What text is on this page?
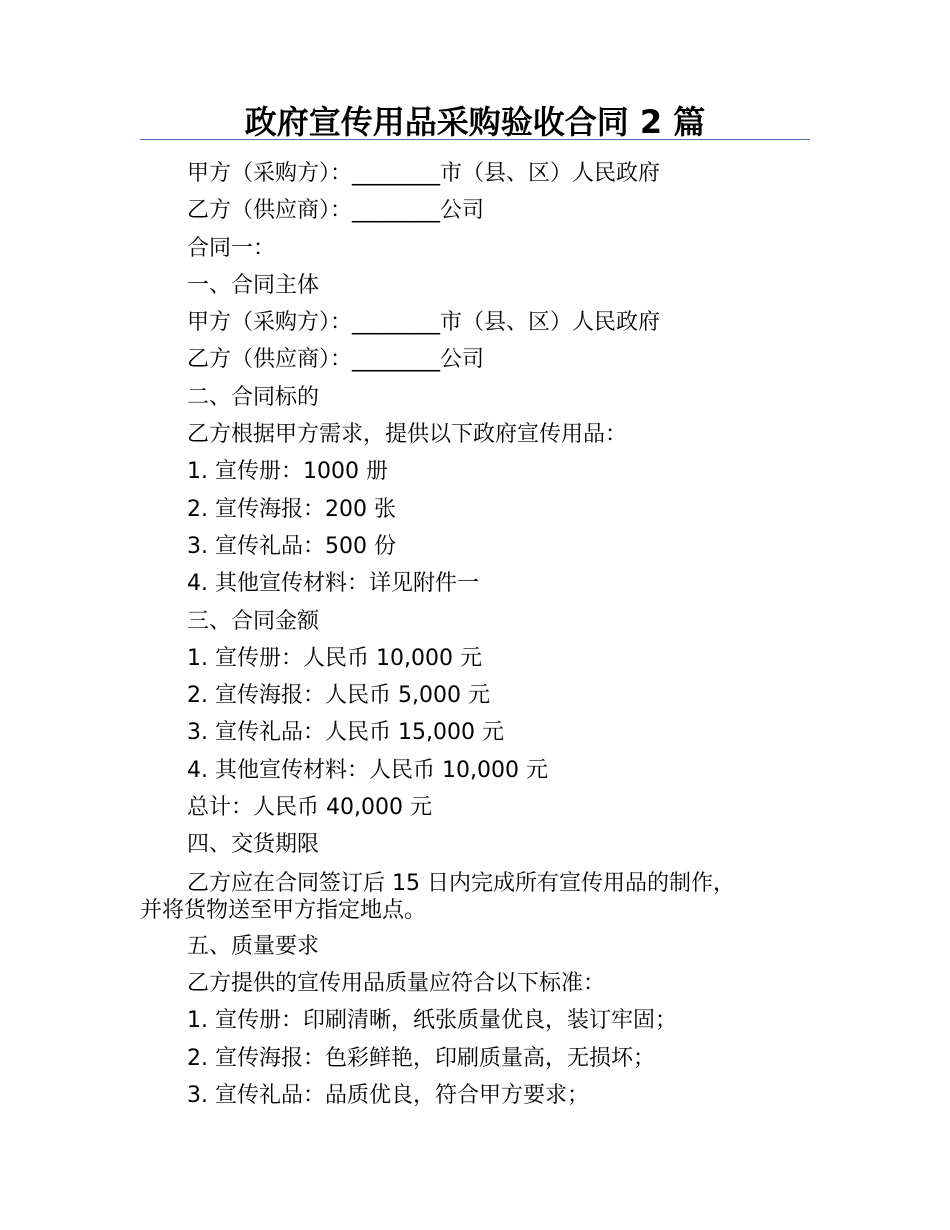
政府宣传用品采购验收合同 2 篇
甲方（采购方）：________市（县、区）人民政府
乙方（供应商）：________公司
合同一：
一、合同主体
甲方（采购方）：________市（县、区）人民政府
乙方（供应商）：________公司
二、合同标的
乙方根据甲方需求，提供以下政府宣传用品：
1. 宣传册：1000 册
2. 宣传海报：200 张
3. 宣传礼品：500 份
4. 其他宣传材料：详见附件一
三、合同金额
1. 宣传册：人民币 10,000 元
2. 宣传海报：人民币 5,000 元
3. 宣传礼品：人民币 15,000 元
4. 其他宣传材料：人民币 10,000 元
总计：人民币 40,000 元
四、交货期限
乙方应在合同签订后 15 日内完成所有宣传用品的制作，
并将货物送至甲方指定地点。
五、质量要求
乙方提供的宣传用品质量应符合以下标准：
1. 宣传册：印刷清晰，纸张质量优良，装订牢固；
2. 宣传海报：色彩鲜艳，印刷质量高，无损坏；
3. 宣传礼品：品质优良，符合甲方要求；
